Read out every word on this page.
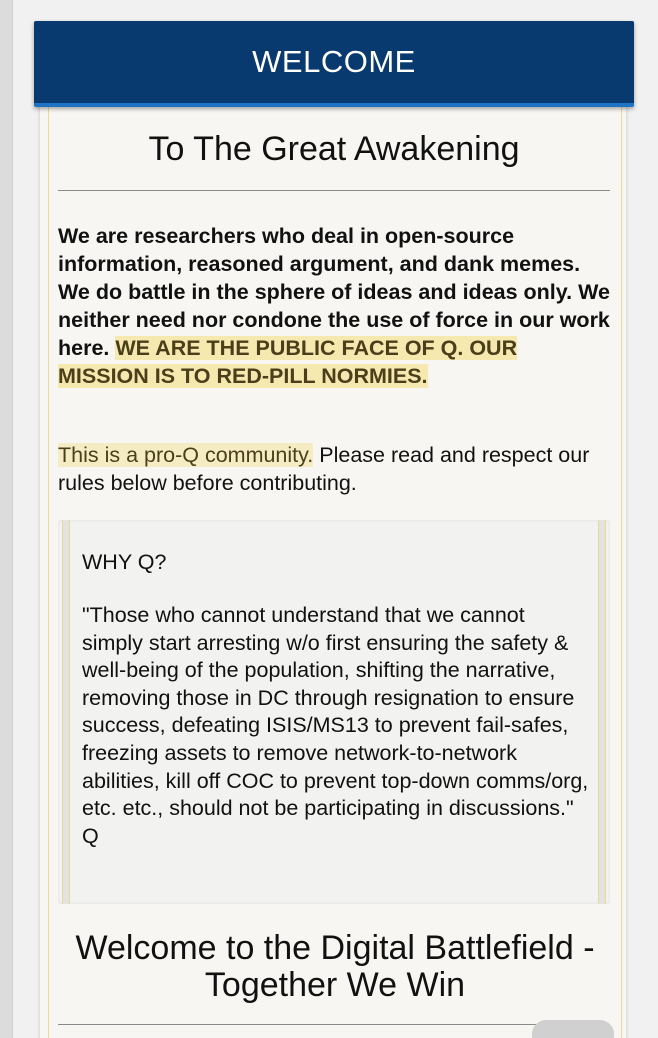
WELCOME
To The Great Awakening
We are researchers who deal in open-source information, reasoned argument, and dank memes. We do battle in the sphere of ideas and ideas only. We neither need nor condone the use of force in our work here. WE ARE THE PUBLIC FACE OF Q. OUR MISSION IS TO RED-PILL NORMIES.
This is a pro-Q community. Please read and respect our rules below before contributing.
WHY Q?
"Those who cannot understand that we cannot simply start arresting w/o first ensuring the safety & well-being of the population, shifting the narrative, removing those in DC through resignation to ensure success, defeating ISIS/MS13 to prevent fail-safes, freezing assets to remove network-to-network abilities, kill off COC to prevent top-down comms/org, etc. etc., should not be participating in discussions." Q
Welcome to the Digital Battlefield - Together We Win
